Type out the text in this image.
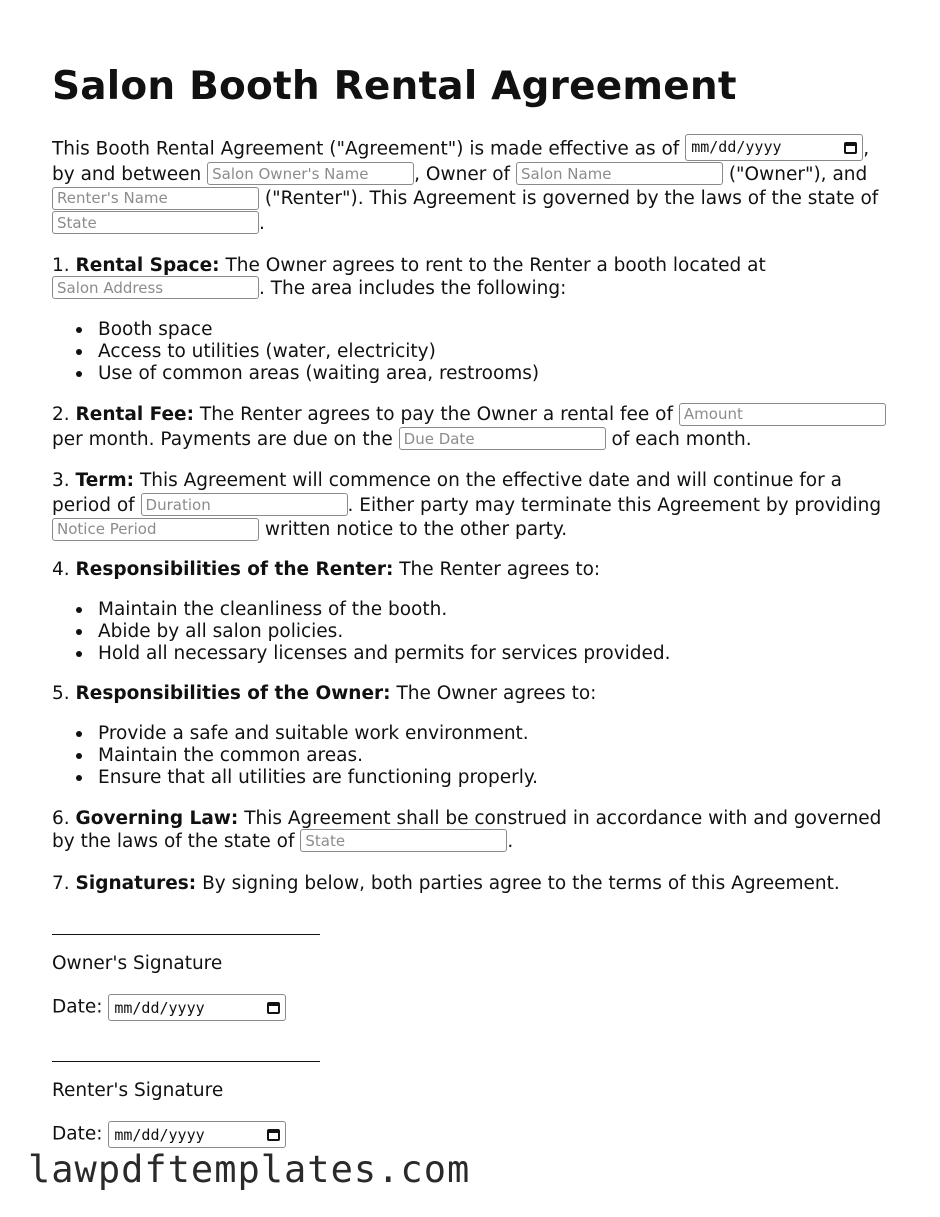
Salon Booth Rental Agreement
This Booth Rental Agreement ("Agreement") is made effective as of mm/dd/yyyy	,
by and between Salon Owner's Name	, Owner of Salon Name	("Owner"), and
Renter's Name ("Renter"). This Agreement is governed by the laws of the state of
State.
1. Rental Space: The Owner agrees to rent to the Renter a booth located at
Salon Address. The area includes the following:
Booth space
Access to utilities (water, electricity)
Use of common areas (waiting area, restrooms)
2. Rental Fee: The Renter agrees to pay the Owner a rental fee of Amount
per month. Payments are due on the Due Date	of each month.
3. Term: This Agreement will commence on the effective date and will continue for a
period of Duration	. Either party may terminate this Agreement by providing
Notice Period written notice to the other party.
4. Responsibilities of the Renter: The Renter agrees to:
Maintain the cleanliness of the booth.
Abide by all salon policies.
Hold all necessary licenses and permits for services provided.
5. Responsibilities of the Owner: The Owner agrees to:
Provide a safe and suitable work environment.
Maintain the common areas.
Ensure that all utilities are functioning properly.
6. Governing Law: This Agreement shall be construed in accordance with and governed
by the laws of the state of State	.
7. Signatures: By signing below, both parties agree to the terms of this Agreement.
Owner's Signature
Date: mm/dd/yyyy
Renter's Signature
Date: mm/dd/yyyy
lawpdftemplates.com
